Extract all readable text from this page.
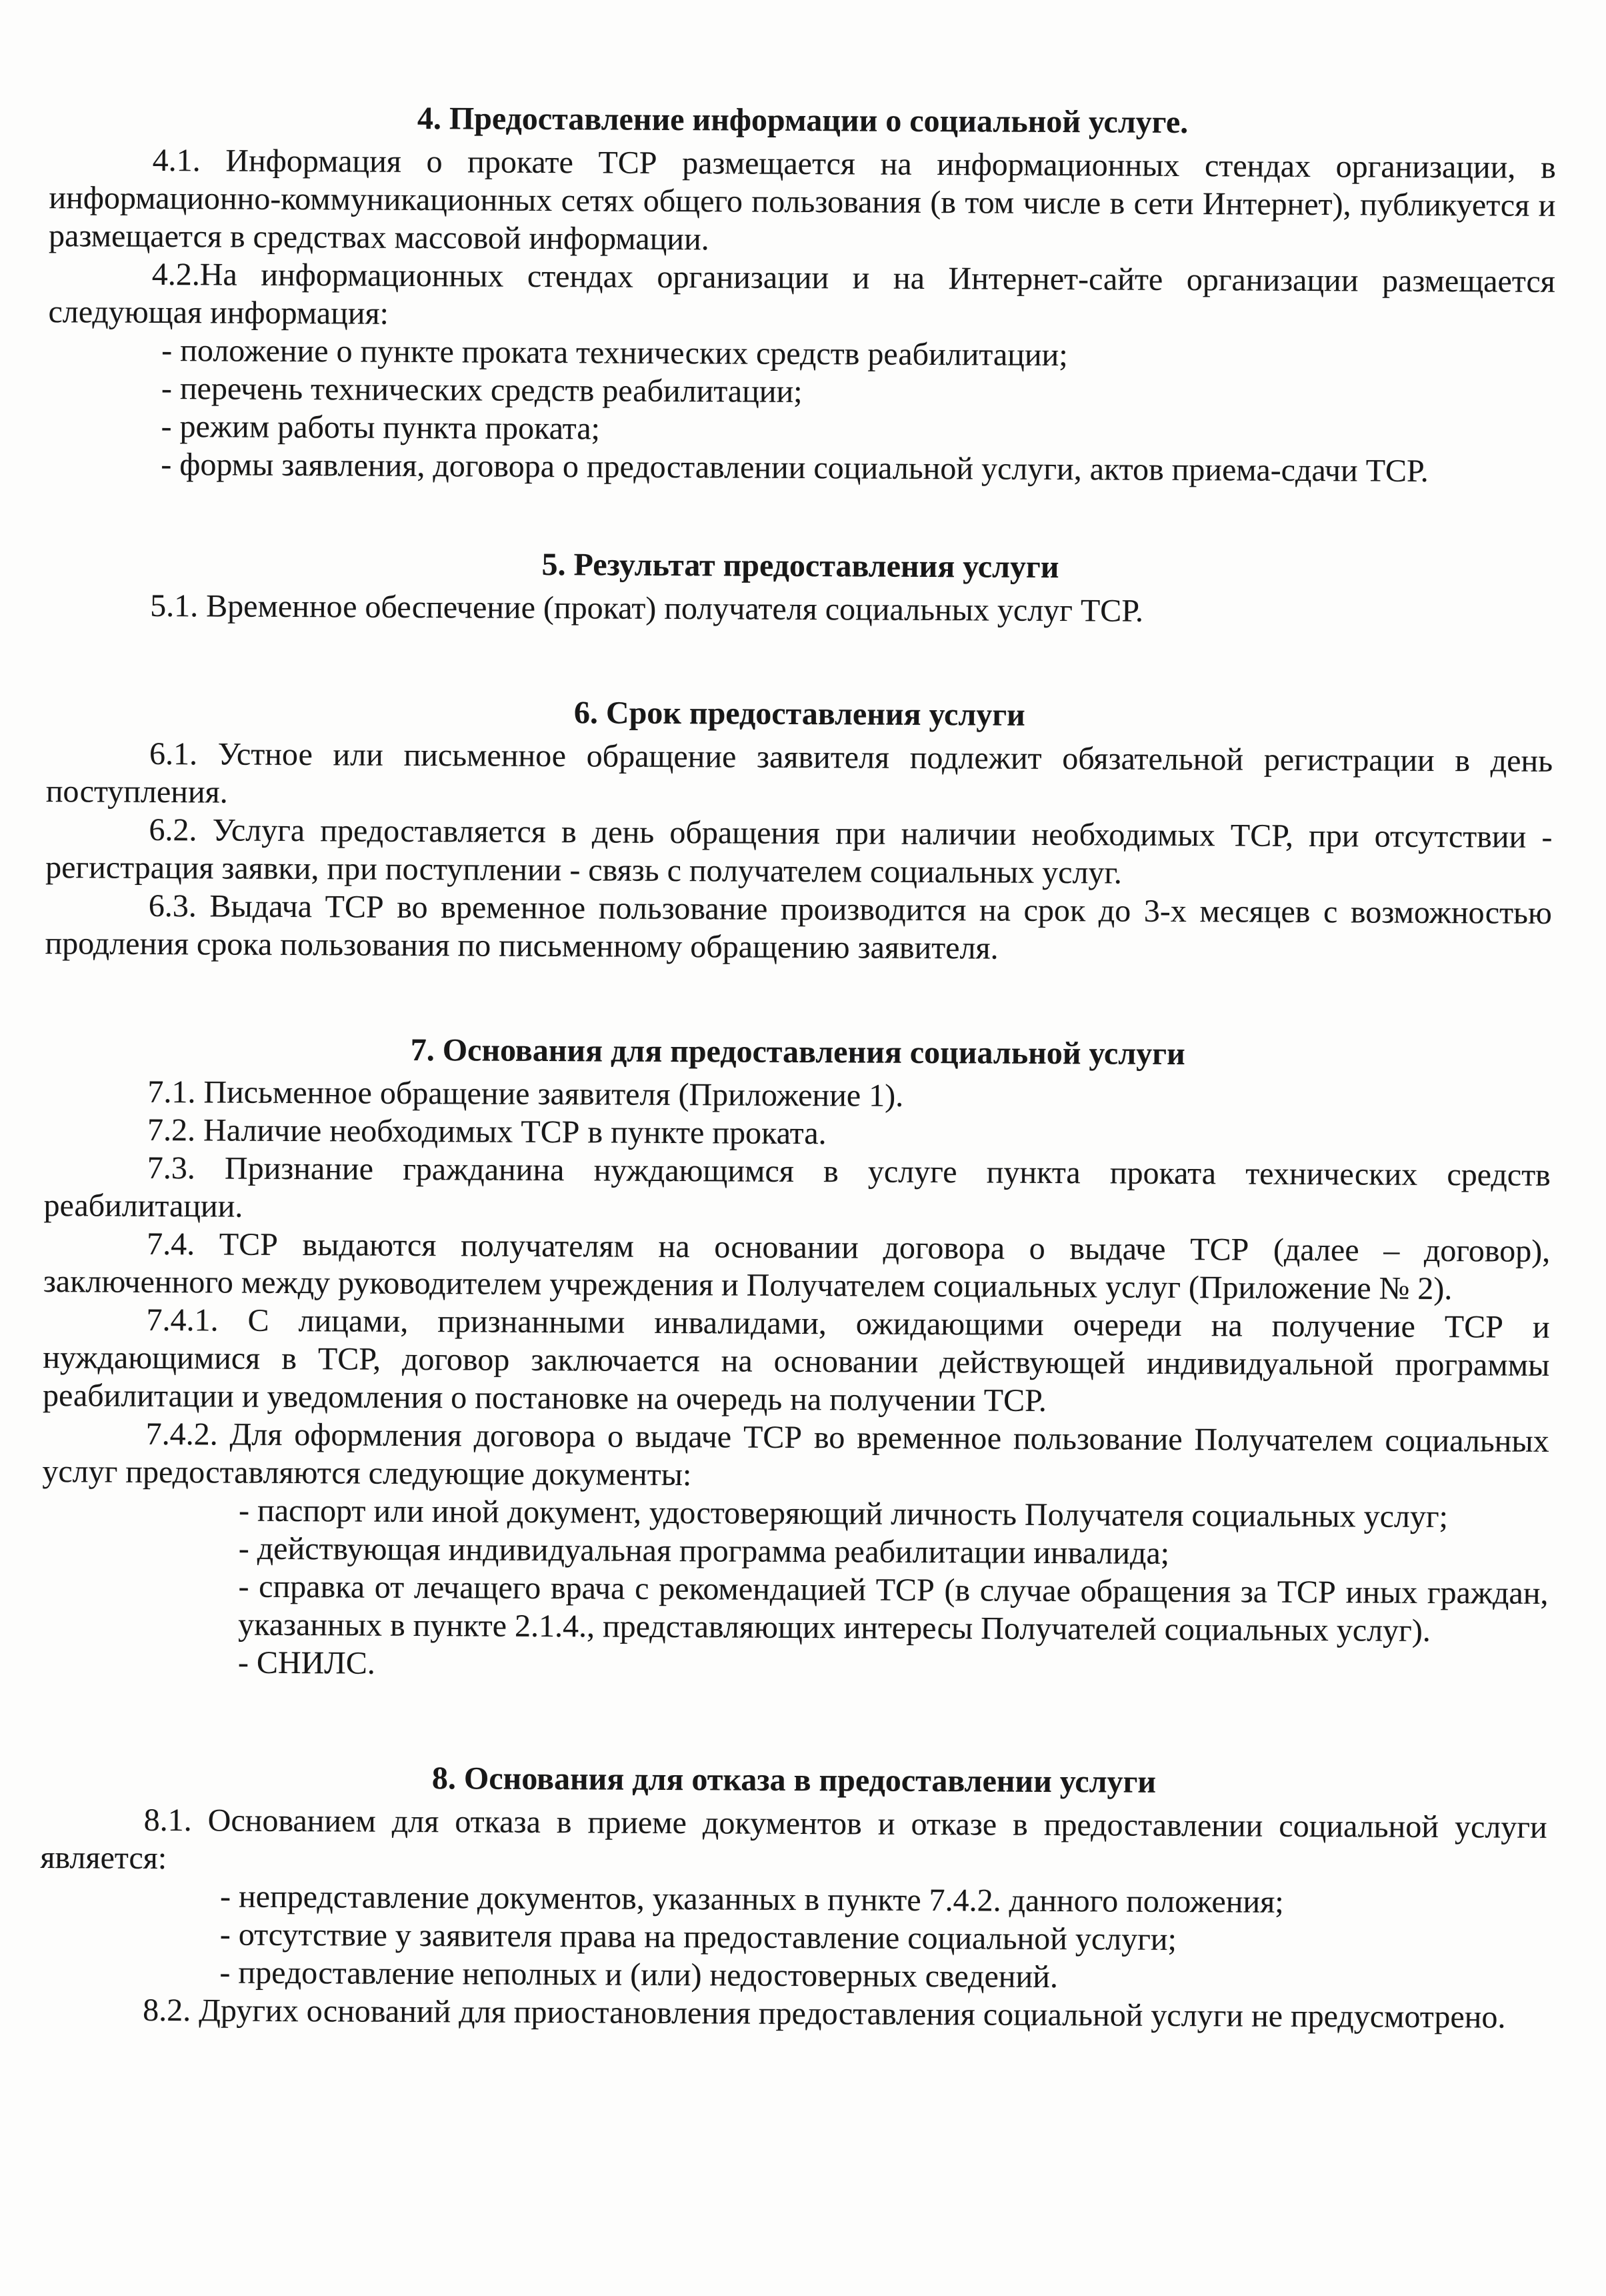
4. Предоставление информации о социальной услуге.

4.1. Информация о прокате ТСР размещается на информационных стендах организации, в информационно-коммуникационных сетях общего пользования (в том числе в сети Интернет), публикуется и размещается в средствах массовой информации.

4.2.На информационных стендах организации и на Интернет-сайте организации размещается следующая информация:

- положение о пункте проката технических средств реабилитации;

- перечень технических средств реабилитации;

- режим работы пункта проката;

- формы заявления, договора о предоставлении социальной услуги, актов приема-сдачи ТСР.

5. Результат предоставления услуги

5.1. Временное обеспечение (прокат) получателя социальных услуг ТСР.

6. Срок предоставления услуги

6.1. Устное или письменное обращение заявителя подлежит обязательной регистрации в день поступления.

6.2. Услуга предоставляется в день обращения при наличии необходимых ТСР, при отсутствии - регистрация заявки, при поступлении - связь с получателем социальных услуг.

6.3. Выдача ТСР во временное пользование производится на срок до 3-х месяцев с возможностью продления срока пользования по письменному обращению заявителя.

7. Основания для предоставления социальной услуги

7.1. Письменное обращение заявителя (Приложение 1).

7.2. Наличие необходимых ТСР в пункте проката.

7.3. Признание гражданина нуждающимся в услуге пункта проката технических средств реабилитации.

7.4. ТСР выдаются получателям на основании договора о выдаче ТСР (далее – договор), заключенного между руководителем учреждения и Получателем социальных услуг (Приложение № 2).

7.4.1. С лицами, признанными инвалидами, ожидающими очереди на получение ТСР и нуждающимися в ТСР, договор заключается на основании действующей индивидуальной программы реабилитации и уведомления о постановке на очередь на получении ТСР.

7.4.2. Для оформления договора о выдаче ТСР во временное пользование Получателем социальных услуг предоставляются следующие документы:

- паспорт или иной документ, удостоверяющий личность Получателя социальных услуг;

- действующая индивидуальная программа реабилитации инвалида;

- справка от лечащего врача с рекомендацией ТСР (в случае обращения за ТСР иных граждан, указанных в пункте 2.1.4., представляющих интересы Получателей социальных услуг).

- СНИЛС.

8. Основания для отказа в предоставлении услуги

8.1. Основанием для отказа в приеме документов и отказе в предоставлении социальной услуги является:

- непредставление документов, указанных в пункте 7.4.2. данного положения;

- отсутствие у заявителя права на предоставление социальной услуги;

- предоставление неполных и (или) недостоверных сведений.

8.2. Других оснований для приостановления предоставления социальной услуги не предусмотрено.
